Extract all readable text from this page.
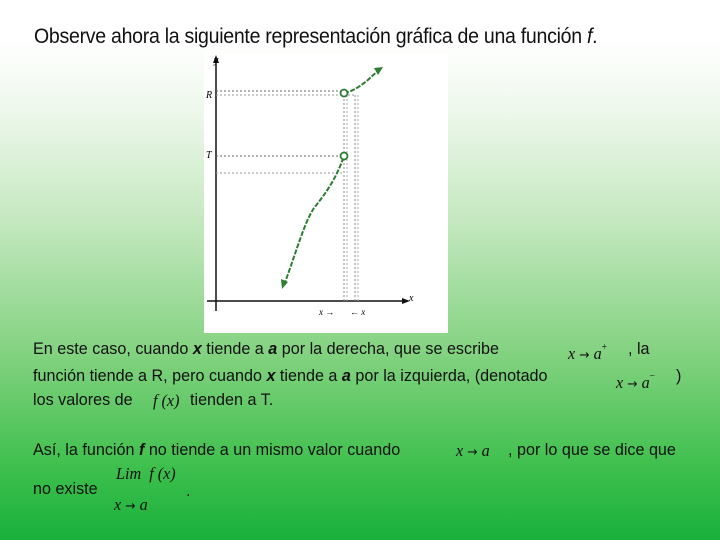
Observe ahora la siguiente representación gráfica de una función f.
y
x
R
T
x → ← x
En este caso, cuando x tiende a a por la derecha, que se escribe	x → a+ , la
función tiende a R, pero cuando x tiende a a por la izquierda, (denotado	x → a− )
los valores de f (x) tienden a T.
Así, la función f no tiende a un mismo valor cuando	x → a , por lo que se dice que
Lim f (x)
no existe	.
x → a
